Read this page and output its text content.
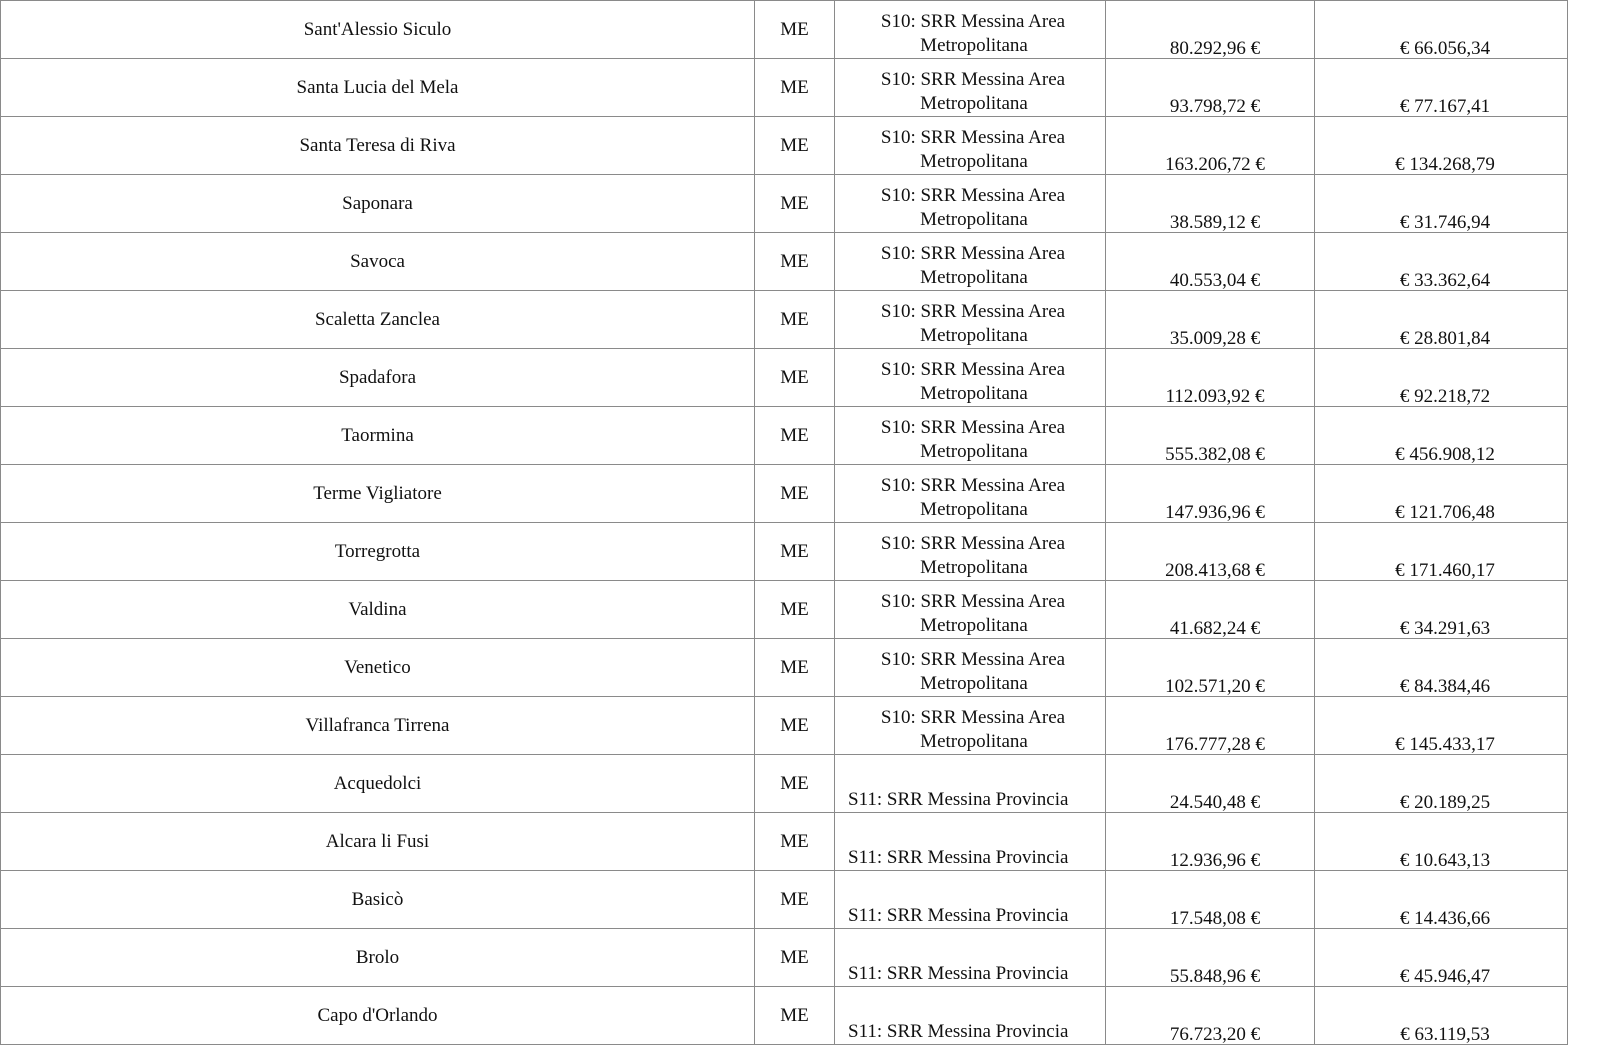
Sant'Alessio Siculo	ME	S10: SRR Messina Area
Metropolitana	80.292,96 €	€ 66.056,34
Santa Lucia del Mela	ME	S10: SRR Messina Area
Metropolitana	93.798,72 €	€ 77.167,41
Santa Teresa di Riva	ME	S10: SRR Messina Area
Metropolitana	163.206,72 €	€ 134.268,79
Saponara	ME	S10: SRR Messina Area
Metropolitana	38.589,12 €	€ 31.746,94
Savoca	ME	S10: SRR Messina Area
Metropolitana	40.553,04 €	€ 33.362,64
Scaletta Zanclea	ME	S10: SRR Messina Area
Metropolitana	35.009,28 €	€ 28.801,84
Spadafora	ME	S10: SRR Messina Area
Metropolitana	112.093,92 €	€ 92.218,72
Taormina	ME	S10: SRR Messina Area
Metropolitana	555.382,08 €	€ 456.908,12
Terme Vigliatore	ME	S10: SRR Messina Area
Metropolitana	147.936,96 €	€ 121.706,48
Torregrotta	ME	S10: SRR Messina Area
Metropolitana	208.413,68 €	€ 171.460,17
Valdina	ME	S10: SRR Messina Area
Metropolitana	41.682,24 €	€ 34.291,63
Venetico	ME	S10: SRR Messina Area
Metropolitana	102.571,20 €	€ 84.384,46
Villafranca Tirrena	ME	S10: SRR Messina Area
Metropolitana	176.777,28 €	€ 145.433,17
Acquedolci	ME	S11: SRR Messina Provincia	24.540,48 €	€ 20.189,25
Alcara li Fusi	ME	S11: SRR Messina Provincia	12.936,96 €	€ 10.643,13
Basicò	ME	S11: SRR Messina Provincia	17.548,08 €	€ 14.436,66
Brolo	ME	S11: SRR Messina Provincia	55.848,96 €	€ 45.946,47
Capo d'Orlando	ME	S11: SRR Messina Provincia	76.723,20 €	€ 63.119,53
